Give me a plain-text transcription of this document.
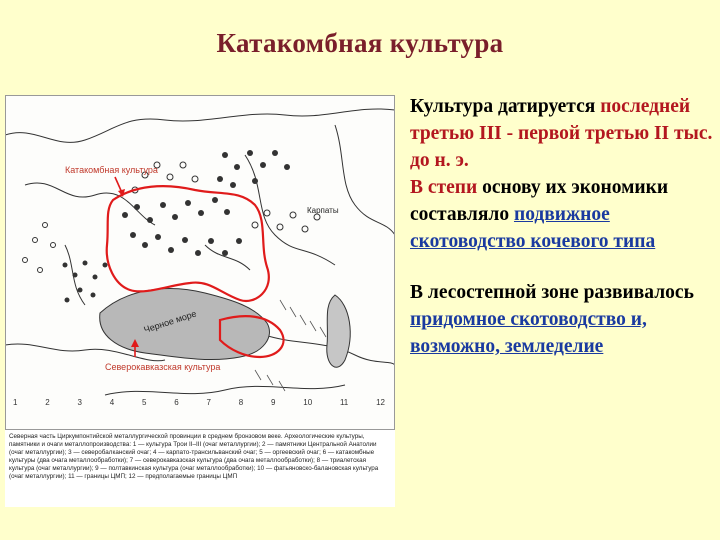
Катакомбная культура
Черное море
Катакомбная культура
Северокавказская культура
Карпаты
1	2	3	4	5	6	7	8	9	10	11	12
Северная часть Циркумпонтийской металлургической провинции в среднем бронзовом веке. Археологические культуры, памятники и очаги металлопроизводства: 1 — культура Трои II–III (очаг металлургии); 2 — памятники Центральной Анатолии (очаг металлургии); 3 — северобалканский очаг; 4 — карпато-трансильванский очаг; 5 — оргеевский очаг; 6 — катакомбные культуры (два очага металлообработки); 7 — северокавказская культура (два очага металлообработки); 8 — триалетская культура (очаг металлургии); 9 — полтавкинская культура (очаг металлообработки); 10 — фатьяновско-балановская культура (очаг металлургии); 11 — границы ЦМП; 12 — предполагаемые границы ЦМП

Культура датируется последней третью III - первой третью II тыс. до н. э.

В степи основу их экономики составляло подвижное скотоводство кочевого типа

В лесостепной зоне развивалось придомное скотоводство и, возможно, земледелие
